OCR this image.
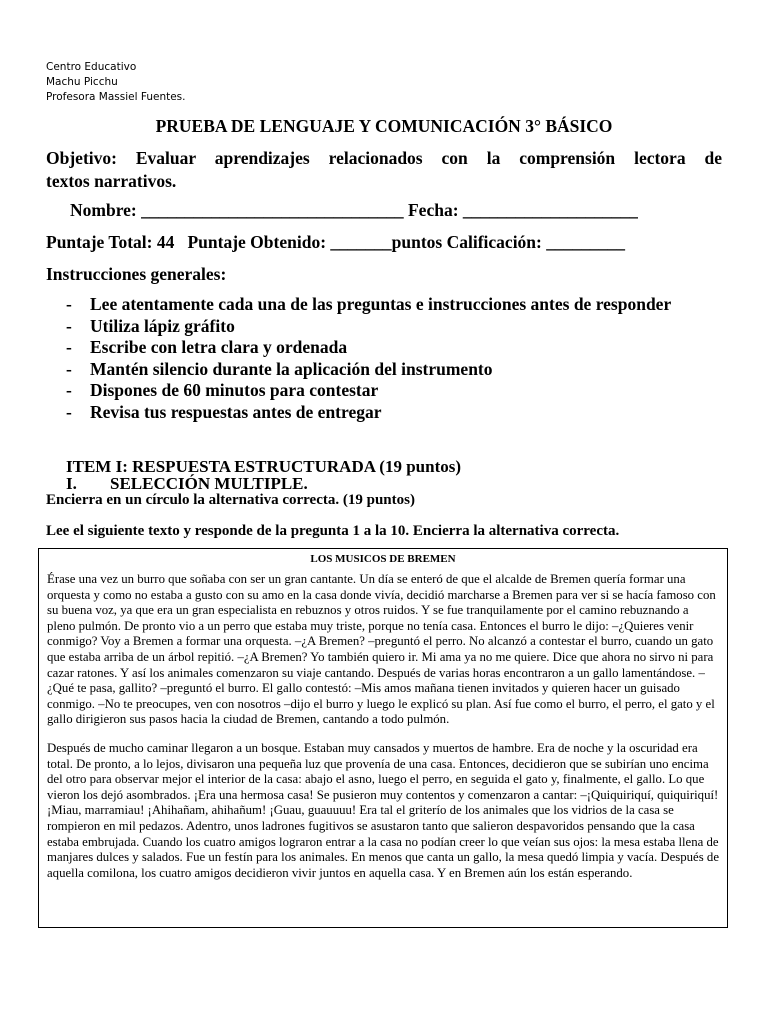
Centro Educativo
Machu Picchu
Profesora Massiel Fuentes.
PRUEBA DE LENGUAJE Y COMUNICACIÓN 3° BÁSICO
Objetivo: Evaluar aprendizajes relacionados con la comprensión lectora de
textos narrativos.
Nombre: ______________________________ Fecha: ____________________
Puntaje Total: 44   Puntaje Obtenido: _______puntos Calificación: _________
Instrucciones generales:
- Lee atentamente cada una de las preguntas e instrucciones antes de responder
- Utiliza lápiz gráfito
- Escribe con letra clara y ordenada
- Mantén silencio durante la aplicación del instrumento
- Dispones de 60 minutos para contestar
- Revisa tus respuestas antes de entregar
ITEM I: RESPUESTA ESTRUCTURADA (19 puntos)
I. SELECCIÓN MULTIPLE.
Encierra en un círculo la alternativa correcta. (19 puntos)
Lee el siguiente texto y responde de la pregunta 1 a la 10. Encierra la alternativa correcta.
LOS MUSICOS DE BREMEN

Érase una vez un burro que soñaba con ser un gran cantante. Un día se enteró de que el alcalde de Bremen quería formar una orquesta y como no estaba a gusto con su amo en la casa donde vivía, decidió marcharse a Bremen para ver si se hacía famoso con su buena voz, ya que era un gran especialista en rebuznos y otros ruidos. Y se fue tranquilamente por el camino rebuznando a pleno pulmón. De pronto vio a un perro que estaba muy triste, porque no tenía casa. Entonces el burro le dijo: –¿Quieres venir conmigo? Voy a Bremen a formar una orquesta. –¿A Bremen? –preguntó el perro. No alcanzó a contestar el burro, cuando un gato que estaba arriba de un árbol repitió. –¿A Bremen? Yo también quiero ir. Mi ama ya no me quiere. Dice que ahora no sirvo ni para cazar ratones. Y así los animales comenzaron su viaje cantando. Después de varias horas encontraron a un gallo lamentándose. –¿Qué te pasa, gallito? –preguntó el burro. El gallo contestó: –Mis amos mañana tienen invitados y quieren hacer un guisado conmigo. –No te preocupes, ven con nosotros –dijo el burro y luego le explicó su plan. Así fue como el burro, el perro, el gato y el gallo dirigieron sus pasos hacia la ciudad de Bremen, cantando a todo pulmón.

Después de mucho caminar llegaron a un bosque. Estaban muy cansados y muertos de hambre. Era de noche y la oscuridad era total. De pronto, a lo lejos, divisaron una pequeña luz que provenía de una casa. Entonces, decidieron que se subirían uno encima del otro para observar mejor el interior de la casa: abajo el asno, luego el perro, en seguida el gato y, finalmente, el gallo. Lo que vieron los dejó asombrados. ¡Era una hermosa casa! Se pusieron muy contentos y comenzaron a cantar: –¡Quiquiriquí, quiquiriquí! ¡Miau, marramiau! ¡Ahihañam, ahihañum! ¡Guau, guauuuu! Era tal el griterío de los animales que los vidrios de la casa se rompieron en mil pedazos. Adentro, unos ladrones fugitivos se asustaron tanto que salieron despavoridos pensando que la casa estaba embrujada. Cuando los cuatro amigos lograron entrar a la casa no podían creer lo que veían sus ojos: la mesa estaba llena de manjares dulces y salados. Fue un festín para los animales. En menos que canta un gallo, la mesa quedó limpia y vacía. Después de aquella comilona, los cuatro amigos decidieron vivir juntos en aquella casa. Y en Bremen aún los están esperando.
